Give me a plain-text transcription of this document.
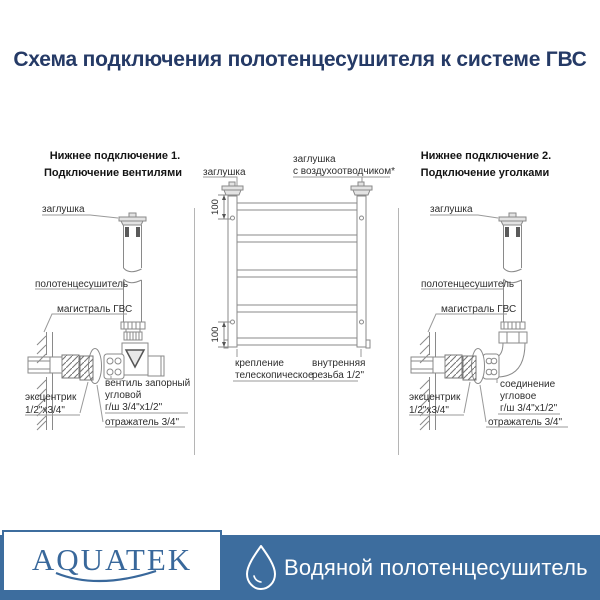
Схема подключения полотенцесушителя к системе ГВС
Нижнее подключение 1.
Подключение вентилями
заглушка
полотенцесушитель
магистраль ГВС
вентиль запорный
угловой
г/ш 3/4"х1/2"
эксцентрик
1/2"х3/4"
отражатель 3/4"
заглушка
заглушка
с воздухоотводчиком*
100
100
крепление
телескопическое
внутренняя
резьба 1/2"
Нижнее подключение 2.
Подключение уголками
заглушка
полотенцесушитель
магистраль ГВС
соединение
угловое
г/ш 3/4"х1/2"
эксцентрик
1/2"х3/4"
отражатель 3/4"
AQUATEK	Водяной полотенцесушитель
